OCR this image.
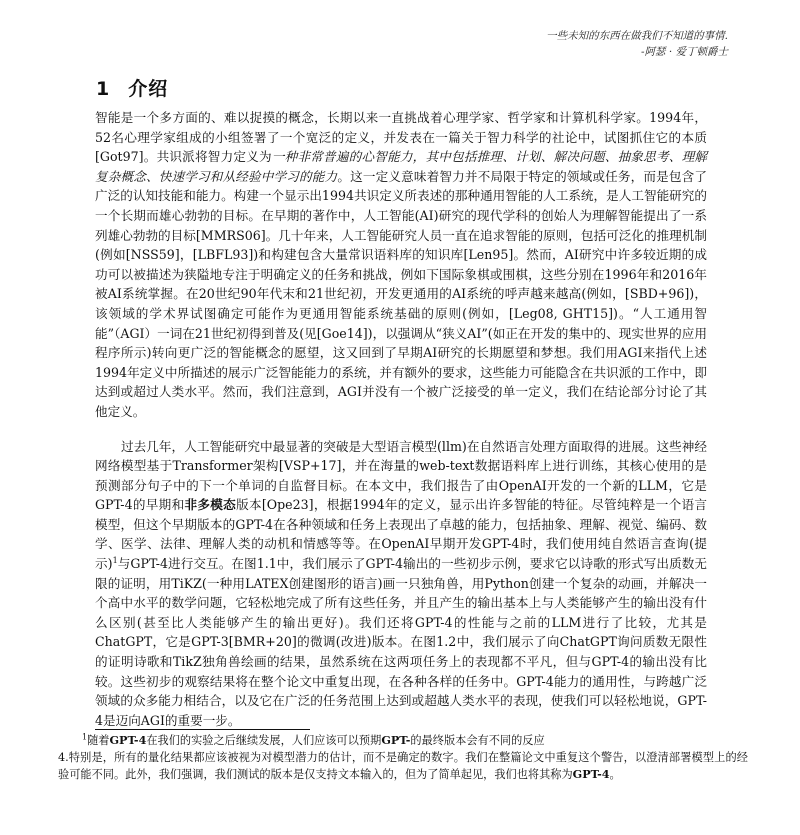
一些未知的东西在做我们不知道的事情.
-阿瑟 · 爱丁顿爵士
1 介绍

智能是一个多方面的、难以捉摸的概念，长期以来一直挑战着心理学家、哲学家和计算机科学家。1994年，52名心理学家组成的小组签署了一个宽泛的定义，并发表在一篇关于智力科学的社论中，试图抓住它的本质[Got97]。共识派将智力定义为一种非常普遍的心智能力，其中包括推理、计划、解决问题、抽象思考、理解复杂概念、快速学习和从经验中学习的能力。这一定义意味着智力并不局限于特定的领域或任务，而是包含了广泛的认知技能和能力。构建一个显示出1994共识定义所表述的那种通用智能的人工系统，是人工智能研究的一个长期而雄心勃勃的目标。在早期的著作中，人工智能(AI)研究的现代学科的创始人为理解智能提出了一系列雄心勃勃的目标[MMRS06]。几十年来，人工智能研究人员一直在追求智能的原则，包括可泛化的推理机制(例如[NSS59]，[LBFL93])和构建包含大量常识语料库的知识库[Len95]。然而，AI研究中许多较近期的成功可以被描述为狭隘地专注于明确定义的任务和挑战，例如下国际象棋或围棋，这些分别在1996年和2016年被AI系统掌握。在20世纪90年代末和21世纪初，开发更通用的AI系统的呼声越来越高(例如，[SBD+96])，该领域的学术界试图确定可能作为更通用智能系统基础的原则(例如，[Leg08, GHT15])。“人工通用智能”（AGI）一词在21世纪初得到普及(见[Goe14])，以强调从“狭义AI”(如正在开发的集中的、现实世界的应用程序所示)转向更广泛的智能概念的愿望，这又回到了早期AI研究的长期愿望和梦想。我们用AGI来指代上述1994年定义中所描述的展示广泛智能能力的系统，并有额外的要求，这些能力可能隐含在共识派的工作中，即达到或超过人类水平。然而，我们注意到，AGI并没有一个被广泛接受的单一定义，我们在结论部分讨论了其他定义。

过去几年，人工智能研究中最显著的突破是大型语言模型(llm)在自然语言处理方面取得的进展。这些神经网络模型基于Transformer架构[VSP+17]，并在海量的web-text数据语料库上进行训练，其核心使用的是预测部分句子中的下一个单词的自监督目标。在本文中，我们报告了由OpenAI开发的一个新的LLM，它是GPT-4的早期和非多模态版本[Ope23]，根据1994年的定义，显示出许多智能的特征。尽管纯粹是一个语言模型，但这个早期版本的GPT-4在各种领域和任务上表现出了卓越的能力，包括抽象、理解、视觉、编码、数学、医学、法律、理解人类的动机和情感等等。在OpenAI早期开发GPT-4时，我们使用纯自然语言查询(提示)$^1$与GPT-4进行交互。在图1.1中，我们展示了GPT-4输出的一些初步示例，要求它以诗歌的形式写出质数无限的证明，用TiKZ(一种用LATEX创建图形的语言)画一只独角兽，用Python创建一个复杂的动画，并解决一个高中水平的数学问题，它轻松地完成了所有这些任务，并且产生的输出基本上与人类能够产生的输出没有什么区别(甚至比人类能够产生的输出更好)。我们还将GPT-4的性能与之前的LLM进行了比较，尤其是ChatGPT，它是GPT-3[BMR+20]的微调(改进)版本。在图1.2中，我们展示了向ChatGPT询问质数无限性的证明诗歌和TikZ独角兽绘画的结果，虽然系统在这两项任务上的表现都不平凡，但与GPT-4的输出没有比较。这些初步的观察结果将在整个论文中重复出现，在各种各样的任务中。GPT-4能力的通用性，与跨越广泛领域的众多能力相结合，以及它在广泛的任务范围上达到或超越人类水平的表现，使我们可以轻松地说，GPT-4是迈向AGI的重要一步。

$^1$随着GPT-4在我们的实验之后继续发展，人们应该可以预期GPT-的最终版本会有不同的反应

4.特别是，所有的量化结果都应该被视为对模型潜力的估计，而不是确定的数字。我们在整篇论文中重复这个警告，以澄清部署模型上的经验可能不同。此外，我们强调，我们测试的版本是仅支持文本输入的，但为了简单起见，我们也将其称为GPT-4。
